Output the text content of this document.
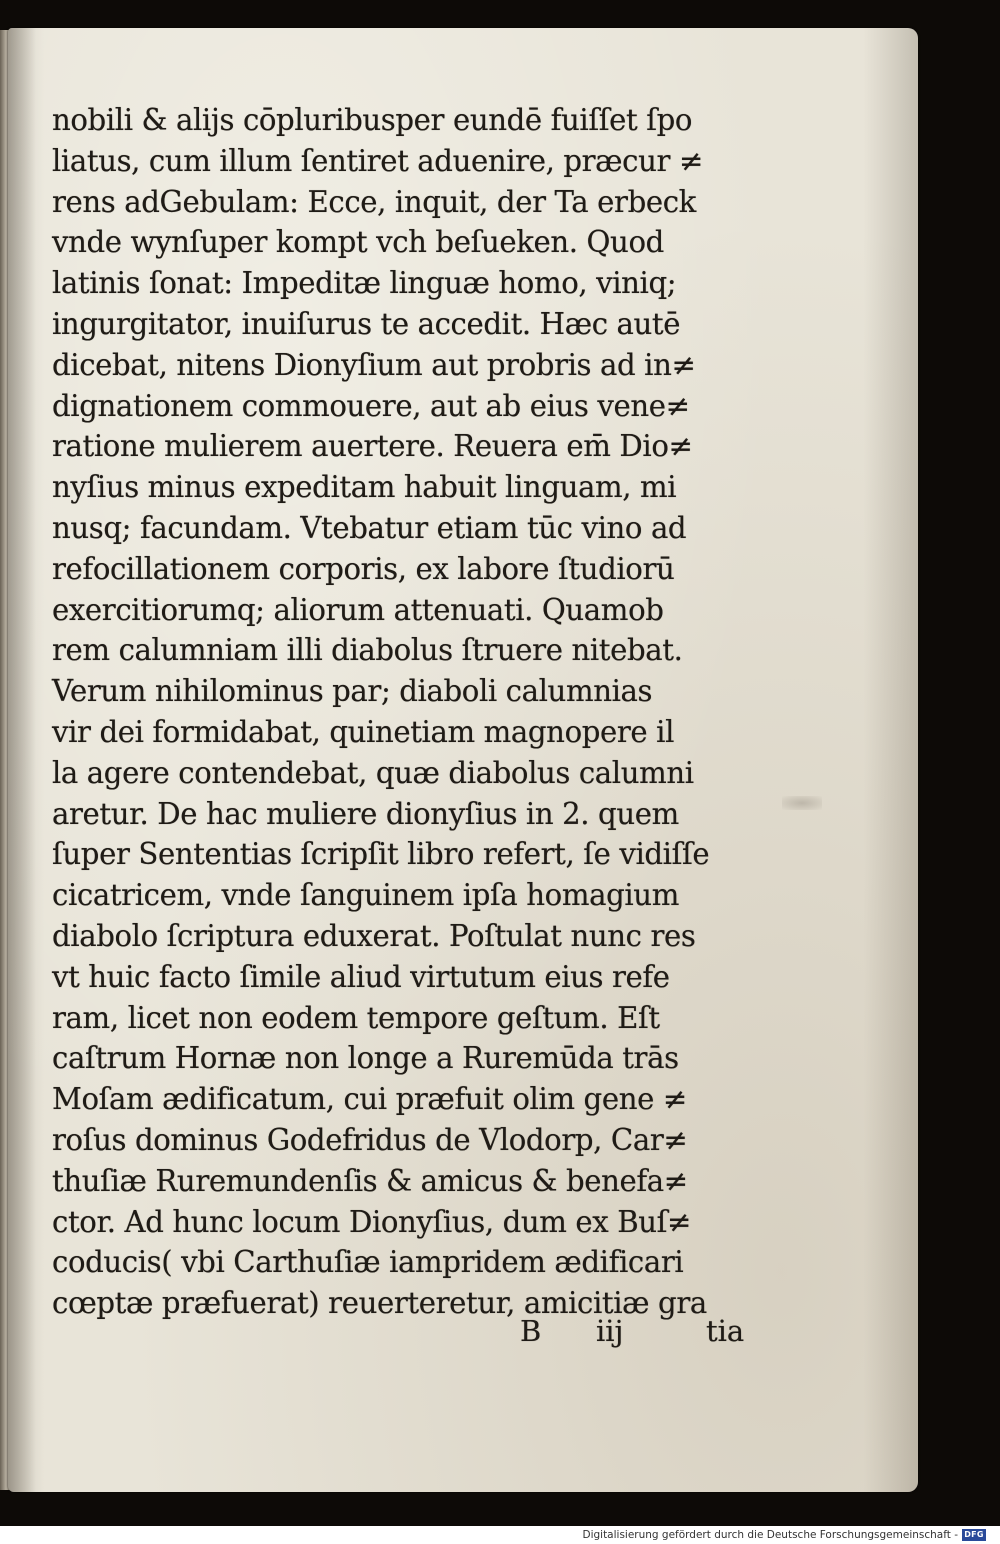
nobili & aliјs cōpluribusper eundē fuiſſet ſpo
liatus, cum illum ſentiret aduenire, præcur ≠
rens adGebulam: Ecce, inquit, der Ta erbeck
vnde wynſuper kompt vch beſueken. Quod
latinis ſonat: Impeditæ linguæ homo, viniq;
ingurgitator, inuiſurus te accedit. Hæc autē
dicebat, nitens Dionyſium aut probris ad in≠
dignationem commouere, aut ab eius vene≠
ratione mulierem auertere. Reuera em̄ Dio≠
nyſius minus expeditam habuit linguam, mi
nusq; facundam. Vtebatur etiam tūc vino ad
refocillationem corporis, ex labore ſtudiorū
exercitiorumq; aliorum attenuati. Quamob
rem calumniam illi diabolus ſtruere nitebat.
Verum nihilominus par; diaboli calumnias
vir dei formidabat, quinetiam magnopere il
la agere contendebat, quæ diabolus calumni
aretur. De hac muliere dionyſius in 2. quem
ſuper Sententias ſcripſit libro refert, ſe vidiſſe
cicatricem, vnde ſanguinem ipſa homagium
diabolo ſcriptura eduxerat. Poſtulat nunc res
vt huic facto ſimile aliud virtutum eius refe
ram, licet non eodem tempore geſtum. Eſt
caſtrum Hornæ non longe a Ruremūda trās
Moſam ædificatum, cui præfuit olim gene ≠
roſus dominus Godefridus de Vlodorp, Car≠
thuſiæ Ruremundenſis & amicus & benefa≠
ctor. Ad hunc locum Dionyſius, dum ex Buſ≠
coducis( vbi Carthuſiæ iampridem ædificari
cœptæ præfuerat) reuerteretur, amicitiæ gra
B iiј	tia
Digitalisierung gefördert durch die Deutsche Forschungsgemeinschaft - DFG
